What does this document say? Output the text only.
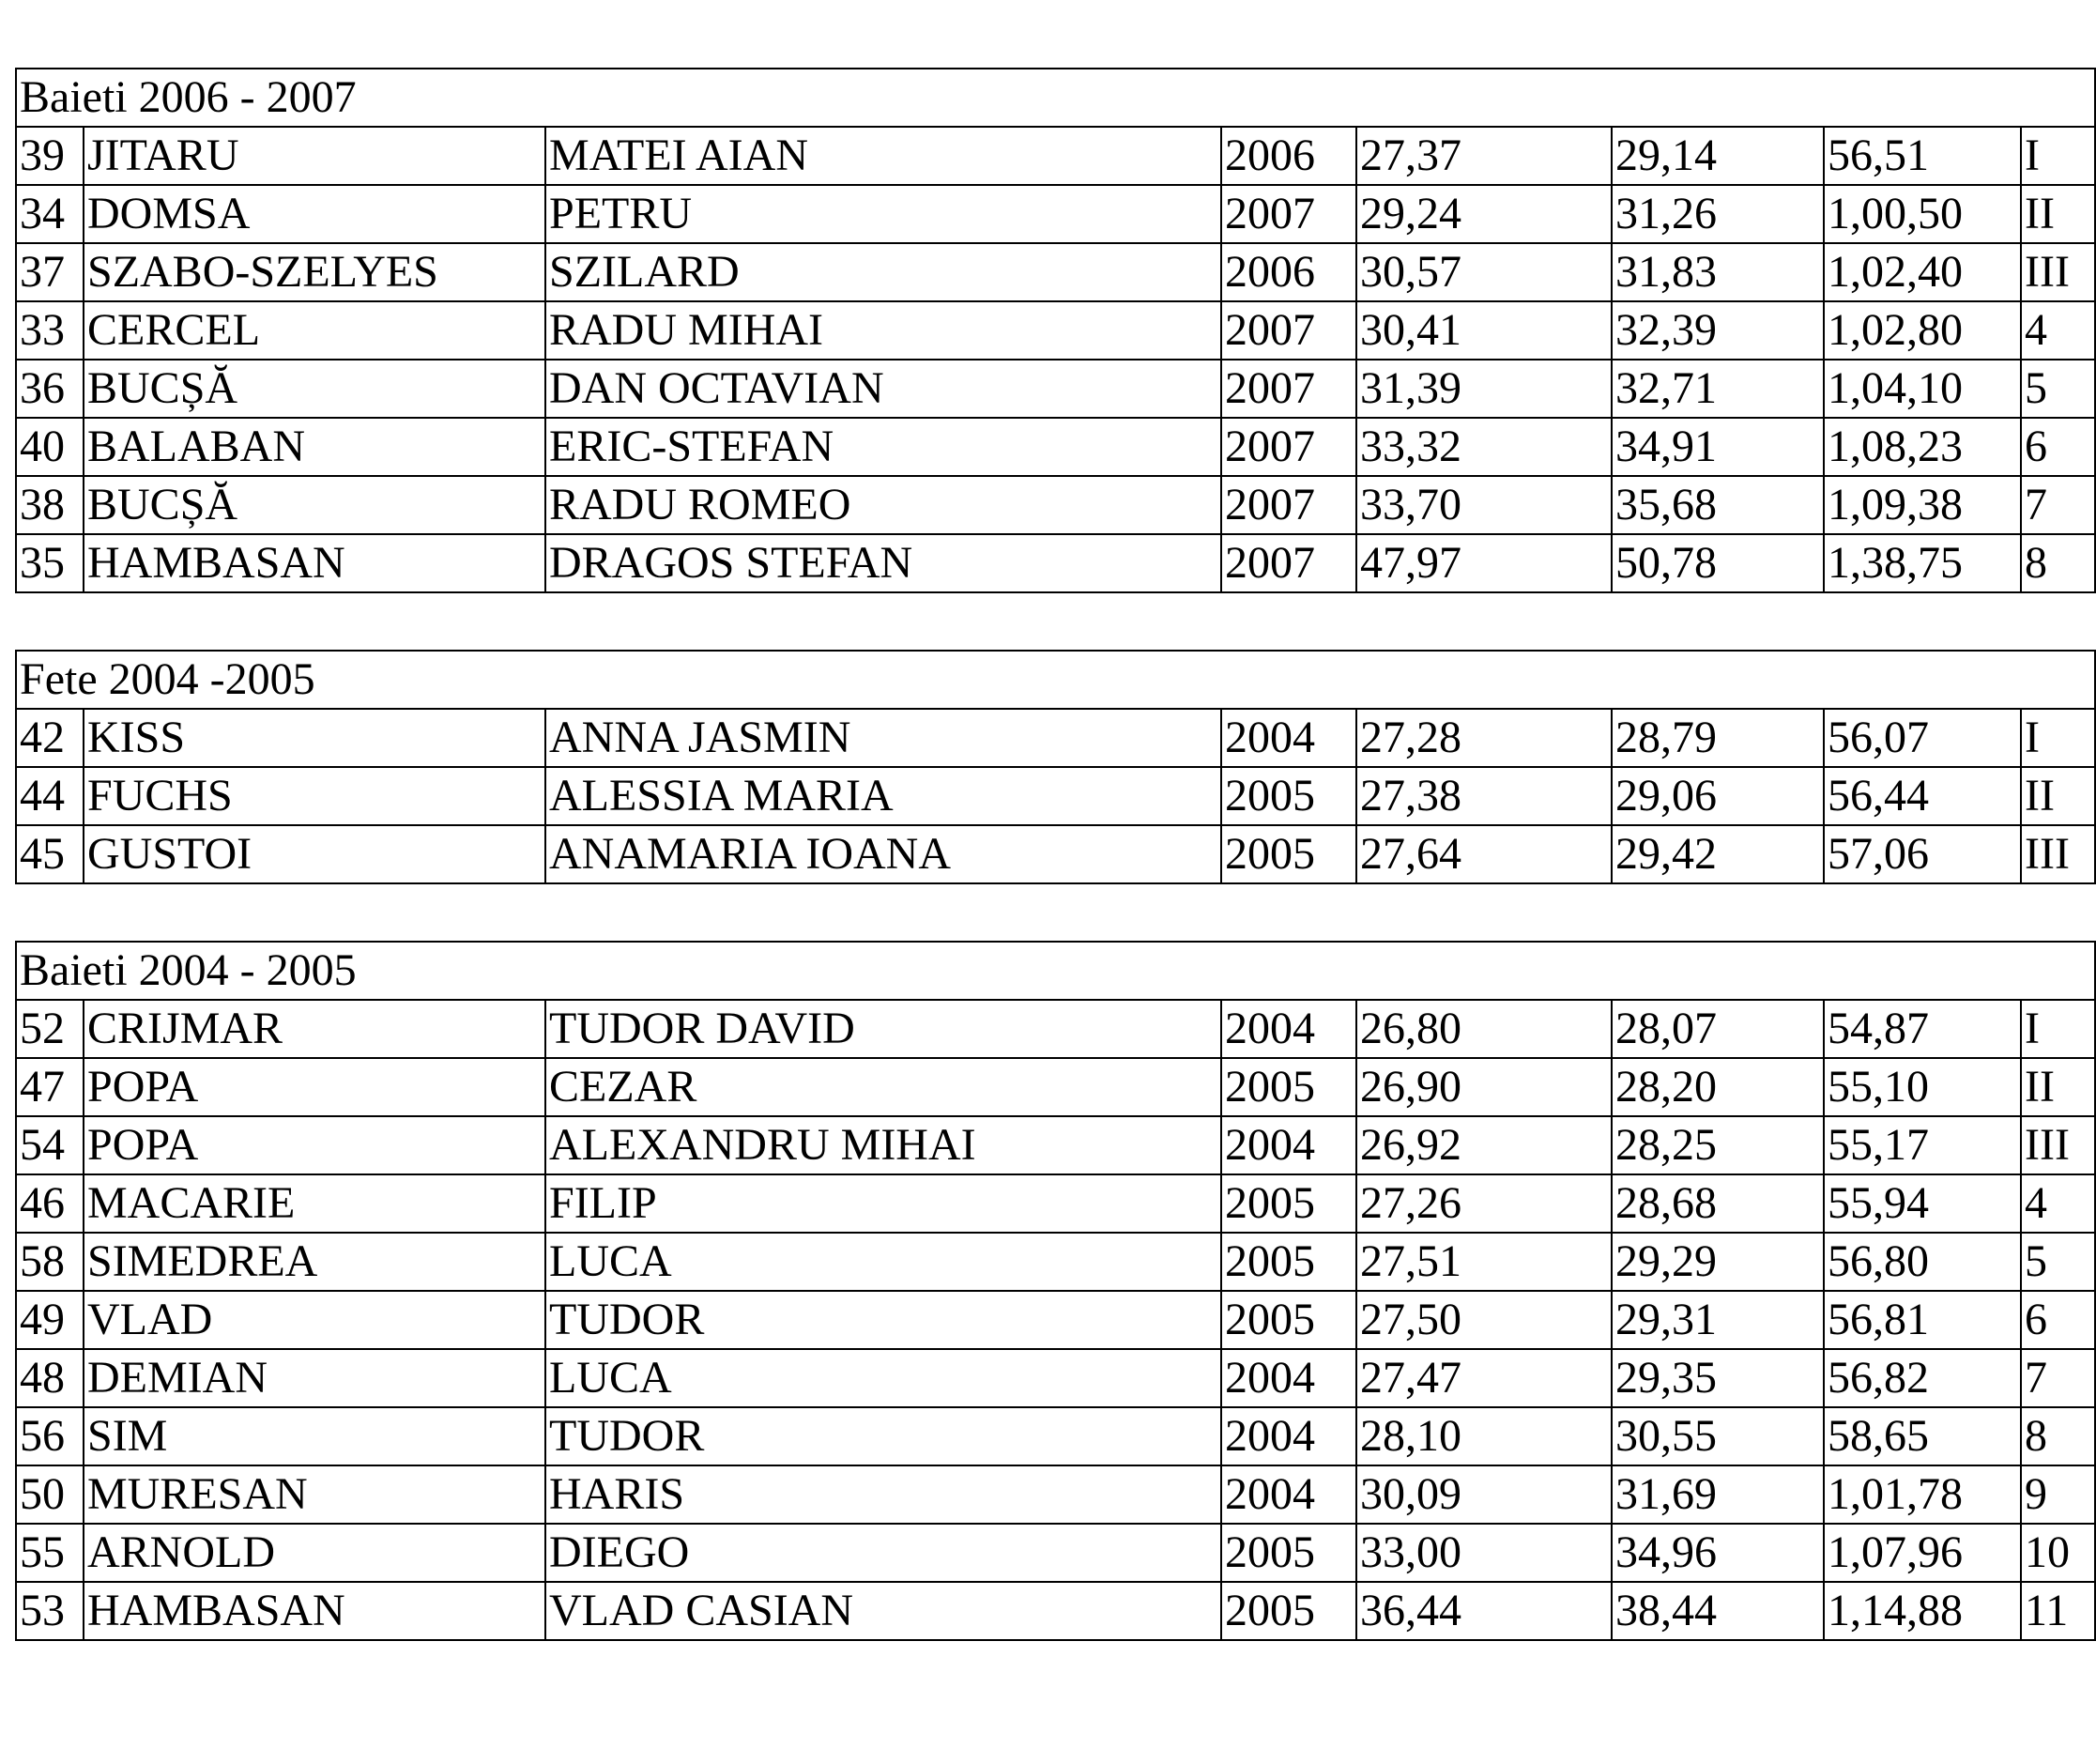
Baieti 2006 - 2007							
39	JITARU	MATEI AIAN	2006	27,37	29,14	56,51	I
34	DOMSA	PETRU	2007	29,24	31,26	1,00,50	II
37	SZABO-SZELYES	SZILARD	2006	30,57	31,83	1,02,40	III
33	CERCEL	RADU MIHAI	2007	30,41	32,39	1,02,80	4
36	BUCȘĂ	DAN OCTAVIAN	2007	31,39	32,71	1,04,10	5
40	BALABAN	ERIC-STEFAN	2007	33,32	34,91	1,08,23	6
38	BUCȘĂ	RADU ROMEO	2007	33,70	35,68	1,09,38	7
35	HAMBASAN	DRAGOS STEFAN	2007	47,97	50,78	1,38,75	8
Fete 2004 -2005							
42	KISS	ANNA JASMIN	2004	27,28	28,79	56,07	I
44	FUCHS	ALESSIA MARIA	2005	27,38	29,06	56,44	II
45	GUSTOI	ANAMARIA IOANA	2005	27,64	29,42	57,06	III
Baieti 2004 - 2005							
52	CRIJMAR	TUDOR DAVID	2004	26,80	28,07	54,87	I
47	POPA	CEZAR	2005	26,90	28,20	55,10	II
54	POPA	ALEXANDRU MIHAI	2004	26,92	28,25	55,17	III
46	MACARIE	FILIP	2005	27,26	28,68	55,94	4
58	SIMEDREA	LUCA	2005	27,51	29,29	56,80	5
49	VLAD	TUDOR	2005	27,50	29,31	56,81	6
48	DEMIAN	LUCA	2004	27,47	29,35	56,82	7
56	SIM	TUDOR	2004	28,10	30,55	58,65	8
50	MURESAN	HARIS	2004	30,09	31,69	1,01,78	9
55	ARNOLD	DIEGO	2005	33,00	34,96	1,07,96	10
53	HAMBASAN	VLAD CASIAN	2005	36,44	38,44	1,14,88	11
